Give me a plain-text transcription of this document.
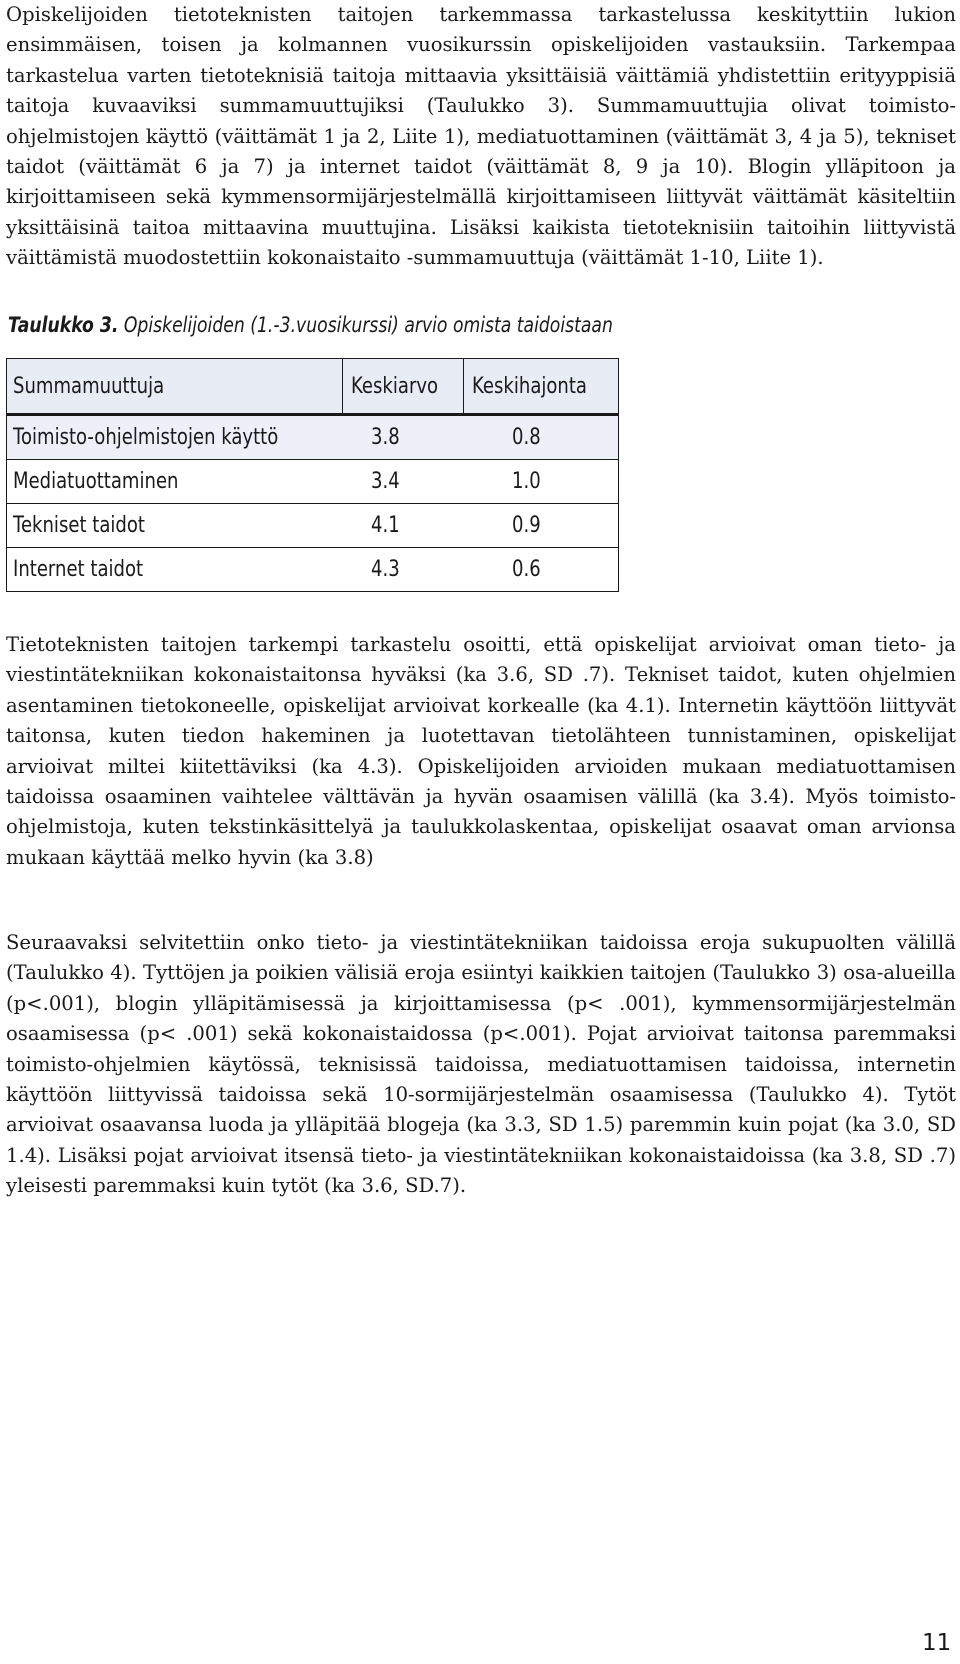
Opiskelijoiden tietoteknisten taitojen tarkemmassa tarkastelussa keskityttiin lukion ensimmäisen, toisen ja kolmannen vuosikurssin opiskelijoiden vastauksiin. Tarkempaa tarkastelua varten tietoteknisiä taitoja mittaavia yksittäisiä väittämiä yhdistettiin erityyppisiä taitoja kuvaaviksi summamuuttujiksi (Taulukko 3). Summamuuttujia olivat toimisto-ohjelmistojen käyttö (väittämät 1 ja 2, Liite 1), mediatuottaminen (väittämät 3, 4 ja 5), tekniset taidot (väittämät 6 ja 7) ja internet taidot (väittämät 8, 9 ja 10). Blogin ylläpitoon ja kirjoittamiseen sekä kymmensormijärjestelmällä kirjoittamiseen liittyvät väittämät käsiteltiin yksittäisinä taitoa mittaavina muuttujina. Lisäksi kaikista tietoteknisiin taitoihin liittyvistä väittämistä muodostettiin kokonaistaito -summamuuttuja (väittämät 1-10, Liite 1).

Taulukko 3. Opiskelijoiden (1.-3.vuosikurssi) arvio omista taidoistaan
Summamuuttuja	Keskiarvo	Keskihajonta
Toimisto-ohjelmistojen käyttö	3.8	0.8
Mediatuottaminen	3.4	1.0
Tekniset taidot	4.1	0.9
Internet taidot	4.3	0.6

Tietoteknisten taitojen tarkempi tarkastelu osoitti, että opiskelijat arvioivat oman tieto- ja viestintätekniikan kokonaistaitonsa hyväksi (ka 3.6, SD .7). Tekniset taidot, kuten ohjelmien asentaminen tietokoneelle, opiskelijat arvioivat korkealle (ka 4.1). Internetin käyttöön liittyvät taitonsa, kuten tiedon hakeminen ja luotettavan tietolähteen tunnistaminen, opiskelijat arvioivat miltei kiitettäviksi (ka 4.3). Opiskelijoiden arvioiden mukaan mediatuottamisen taidoissa osaaminen vaihtelee välttävän ja hyvän osaamisen välillä (ka 3.4). Myös toimisto-ohjelmistoja, kuten tekstinkäsittelyä ja taulukkolaskentaa, opiskelijat osaavat oman arvionsa mukaan käyttää melko hyvin (ka 3.8)

Seuraavaksi selvitettiin onko tieto- ja viestintätekniikan taidoissa eroja sukupuolten välillä (Taulukko 4). Tyttöjen ja poikien välisiä eroja esiintyi kaikkien taitojen (Taulukko 3) osa-alueilla (p<.001), blogin ylläpitämisessä ja kirjoittamisessa (p< .001), kymmensormijärjestelmän osaamisessa (p< .001) sekä kokonaistaidossa (p<.001). Pojat arvioivat taitonsa paremmaksi toimisto-ohjelmien käytössä, teknisissä taidoissa, mediatuottamisen taidoissa, internetin käyttöön liittyvissä taidoissa sekä 10-sormijärjestelmän osaamisessa (Taulukko 4). Tytöt arvioivat osaavansa luoda ja ylläpitää blogeja (ka 3.3, SD 1.5) paremmin kuin pojat (ka 3.0, SD 1.4). Lisäksi pojat arvioivat itsensä tieto- ja viestintätekniikan kokonaistaidoissa (ka 3.8, SD .7) yleisesti paremmaksi kuin tytöt (ka 3.6, SD.7).

11
